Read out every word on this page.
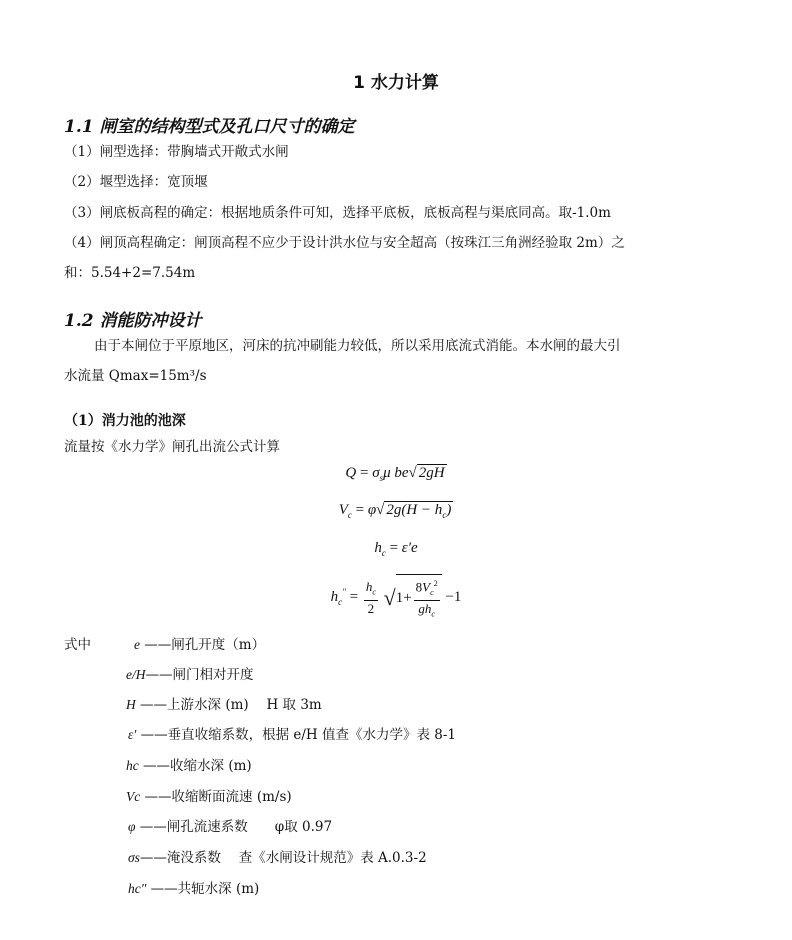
1 水力计算
1.1 闸室的结构型式及孔口尺寸的确定
（1）闸型选择：带胸墙式开敞式水闸
（2）堰型选择：宽顶堰
（3）闸底板高程的确定：根据地质条件可知，选择平底板，底板高程与渠底同高。取-1.0m
（4）闸顶高程确定：闸顶高程不应少于设计洪水位与安全超高（按珠江三角洲经验取 2m）之
和：5.54+2=7.54m
1.2 消能防冲设计
由于本闸位于平原地区，河床的抗冲刷能力较低，所以采用底流式消能。本水闸的最大引
水流量 Qmax=15m³/s
（1）消力池的池深
流量按《水力学》闸孔出流公式计算
$Q = \sigma_s\mu$ be√ 2gH
$V_c = \varphi√$ $2g(H - h_c)$
$h_c = \varepsilon'e$
$h_c'' = \frac{h_c}{2} √1+ \frac{8V_c^2}{gh_c} -1$
式中	e ——闸孔开度（m）
e/H——闸门相对开度
H ——上游水深 (m)　 H 取 3m
ε′ ——垂直收缩系数，根据 e/H 值查《水力学》表 8-1
hc ——收缩水深 (m)
Vc ——收缩断面流速 (m/s)
φ ——闸孔流速系数　　φ取 0.97
σs——淹没系数　 查《水闸设计规范》表 A.0.3-2
hc″ ——共轭水深 (m)
